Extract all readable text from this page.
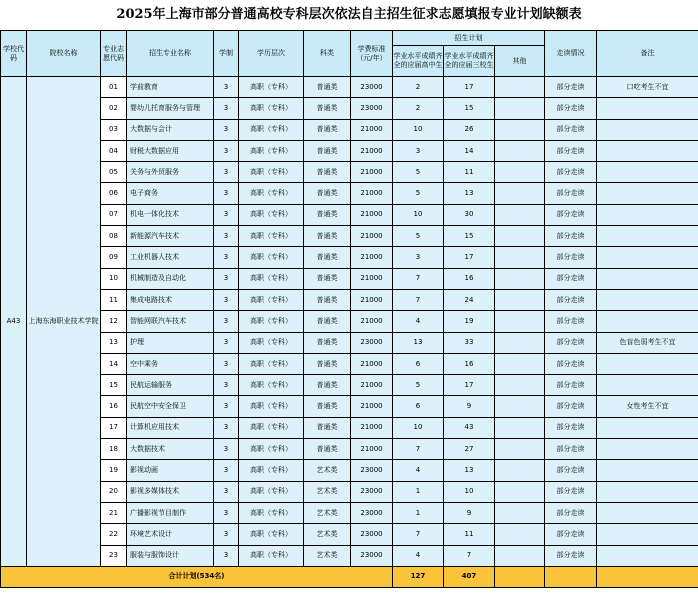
2025年上海市部分普通高校专科层次依法自主招生征求志愿填报专业计划缺额表
学校代码	院校名称	专业志愿代码	招生专业名称	学制	学历层次	科类	学费标准（元/年）	招生计划			走读情况	备注
								学业水平成绩齐全的应届高中生	学业水平成绩齐全的应届三校生	其他		
A43	上海东海职业技术学院	01	学前教育	3	高职（专科）	普通类	23000	2	17		部分走读	口吃考生不宜
		02	婴幼儿托育服务与管理	3	高职（专科）	普通类	23000	2	15		部分走读	
		03	大数据与会计	3	高职（专科）	普通类	21000	10	26		部分走读	
		04	财税大数据应用	3	高职（专科）	普通类	21000	3	14		部分走读	
		05	关务与外贸服务	3	高职（专科）	普通类	21000	5	11		部分走读	
		06	电子商务	3	高职（专科）	普通类	21000	5	13		部分走读	
		07	机电一体化技术	3	高职（专科）	普通类	21000	10	30		部分走读	
		08	新能源汽车技术	3	高职（专科）	普通类	21000	5	15		部分走读	
		09	工业机器人技术	3	高职（专科）	普通类	21000	3	17		部分走读	
		10	机械制造及自动化	3	高职（专科）	普通类	21000	7	16		部分走读	
		11	集成电路技术	3	高职（专科）	普通类	21000	7	24		部分走读	
		12	智能网联汽车技术	3	高职（专科）	普通类	21000	4	19		部分走读	
		13	护理	3	高职（专科）	普通类	23000	13	33		部分走读	色盲色弱考生不宜
		14	空中乘务	3	高职（专科）	普通类	21000	6	16		部分走读	
		15	民航运输服务	3	高职（专科）	普通类	21000	5	17		部分走读	
		16	民航空中安全保卫	3	高职（专科）	普通类	21000	6	9		部分走读	女性考生不宜
		17	计算机应用技术	3	高职（专科）	普通类	21000	10	43		部分走读	
		18	大数据技术	3	高职（专科）	普通类	21000	7	27		部分走读	
		19	影视动画	3	高职（专科）	艺术类	23000	4	13		部分走读	
		20	影视多媒体技术	3	高职（专科）	艺术类	23000	1	10		部分走读	
		21	广播影视节目制作	3	高职（专科）	艺术类	23000	1	9		部分走读	
		22	环境艺术设计	3	高职（专科）	艺术类	23000	7	11		部分走读	
		23	服装与服饰设计	3	高职（专科）	艺术类	23000	4	7		部分走读	
合计计划(534名)								127	407			
